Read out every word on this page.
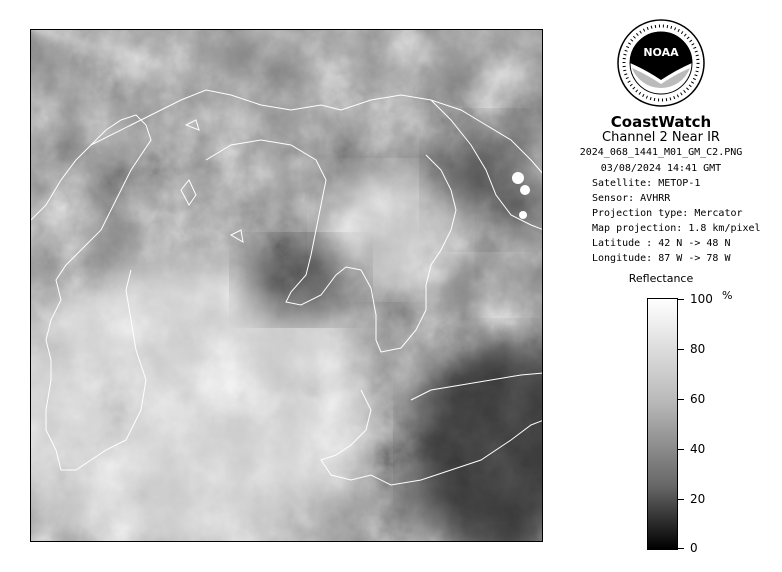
NOAA
CoastWatch
Channel 2 Near IR
2024_068_1441_M01_GM_C2.PNG
03/08/2024 14:41 GMT
Satellite: METOP-1
Sensor: AVHRR
Projection type: Mercator
Map projection: 1.8 km/pixel
Latitude : 42 N -> 48 N
Longitude: 87 W -> 78 W
Reflectance
%
100
80
60
40
20
0
